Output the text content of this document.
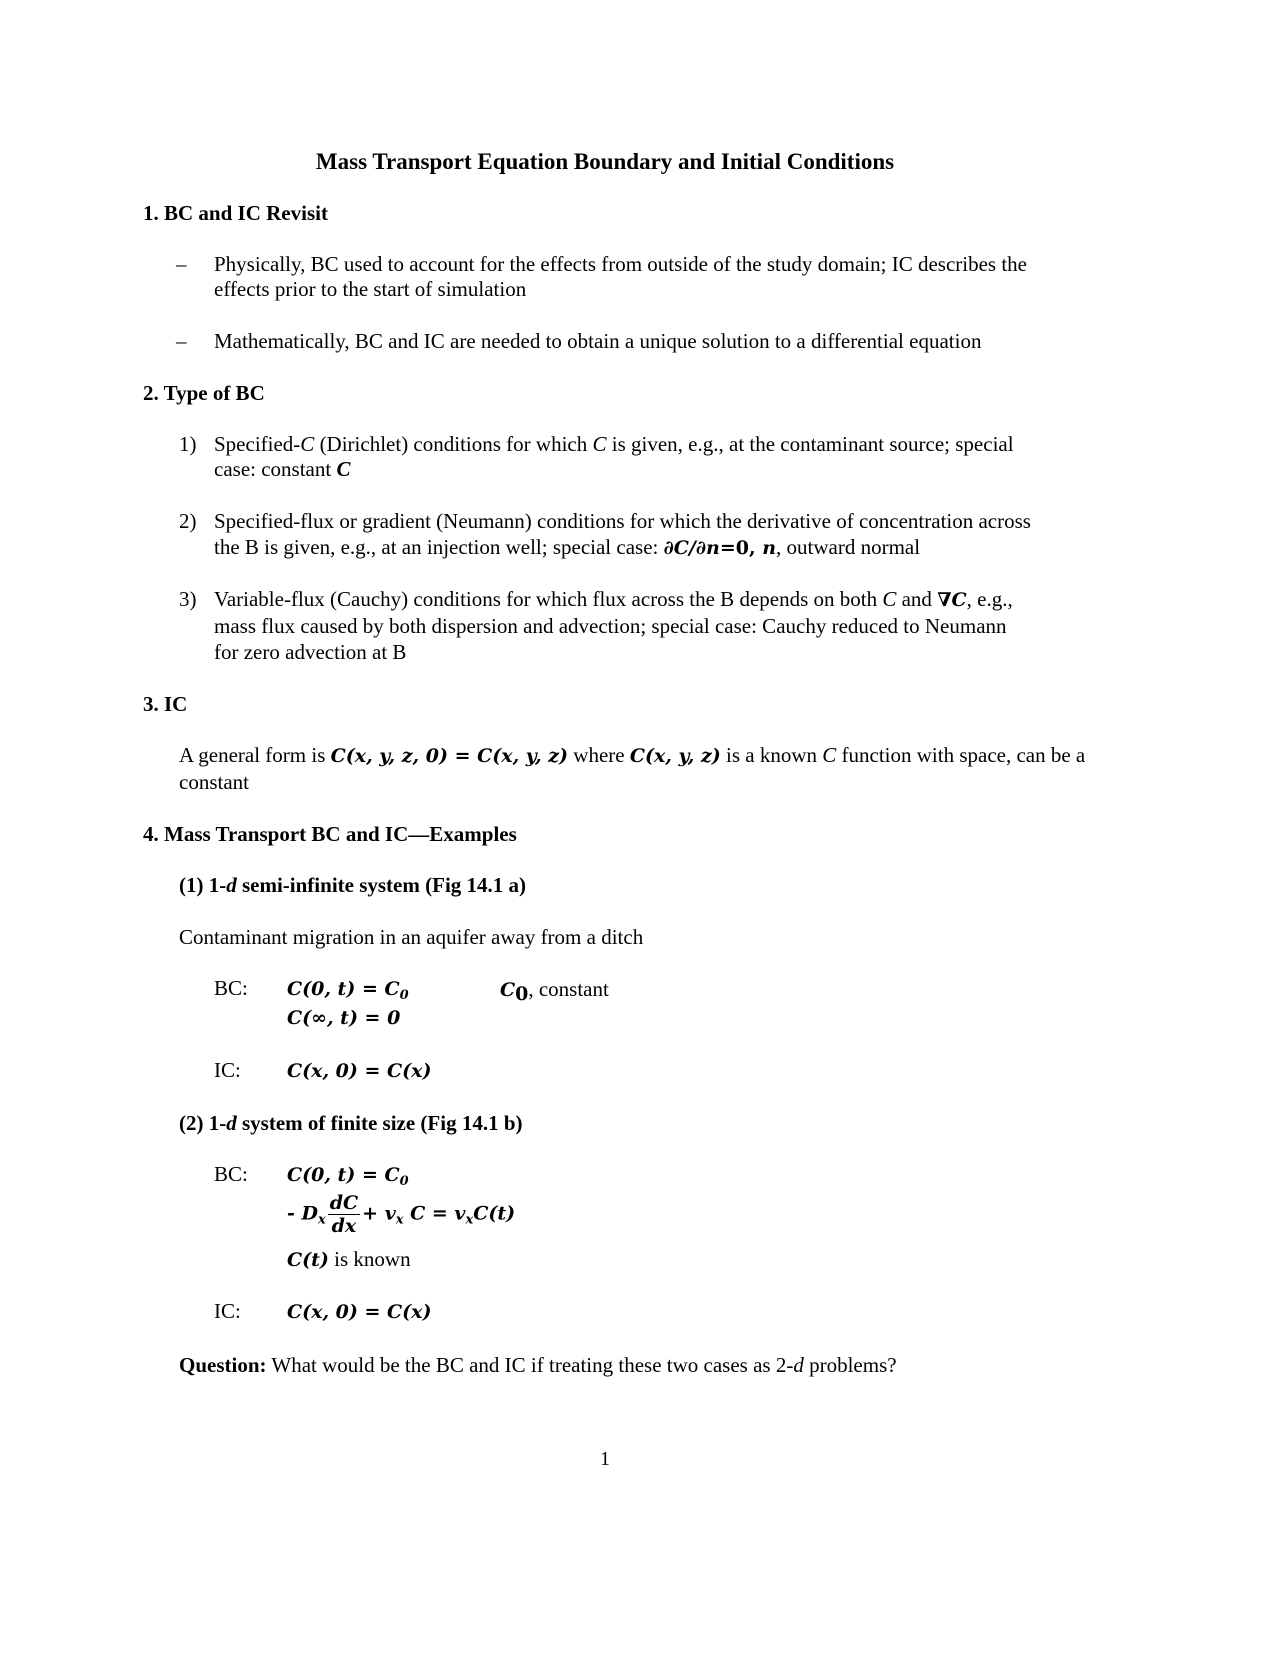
Mass Transport Equation Boundary and Initial Conditions
1. BC and IC Revisit
– Physically, BC used to account for the effects from outside of the study domain; IC describes the
effects prior to the start of simulation
– Mathematically, BC and IC are needed to obtain a unique solution to a differential equation
2. Type of BC
1) Specified-C (Dirichlet) conditions for which C is given, e.g., at the contaminant source; special
case: constant C
2) Specified-flux or gradient (Neumann) conditions for which the derivative of concentration across
the B is given, e.g., at an injection well; special case: ∂C/∂n=0, n, outward normal
3) Variable-flux (Cauchy) conditions for which flux across the B depends on both C and ∇C, e.g.,
mass flux caused by both dispersion and advection; special case: Cauchy reduced to Neumann
for zero advection at B
3. IC
A general form is C(x, y, z, 0) = C(x, y, z) where C(x, y, z) is a known C function with space, can be a
constant
4. Mass Transport BC and IC—Examples
(1) 1-d semi-infinite system (Fig 14.1 a)
Contaminant migration in an aquifer away from a ditch
BC: C(0, $t) = C_0$	$C_0$, constant
C(∞, t) = 0
IC: C(x, 0) = C(x)
(2) 1-d system of finite size (Fig 14.1 b)
BC: C(0, $t) = C_0$
- $D_x \frac{dC}{dx} + v_x$ $C = v_xC(t)$
C(t) is known
IC: C(x, 0) = C(x)
Question: What would be the BC and IC if treating these two cases as 2-d problems?
1
